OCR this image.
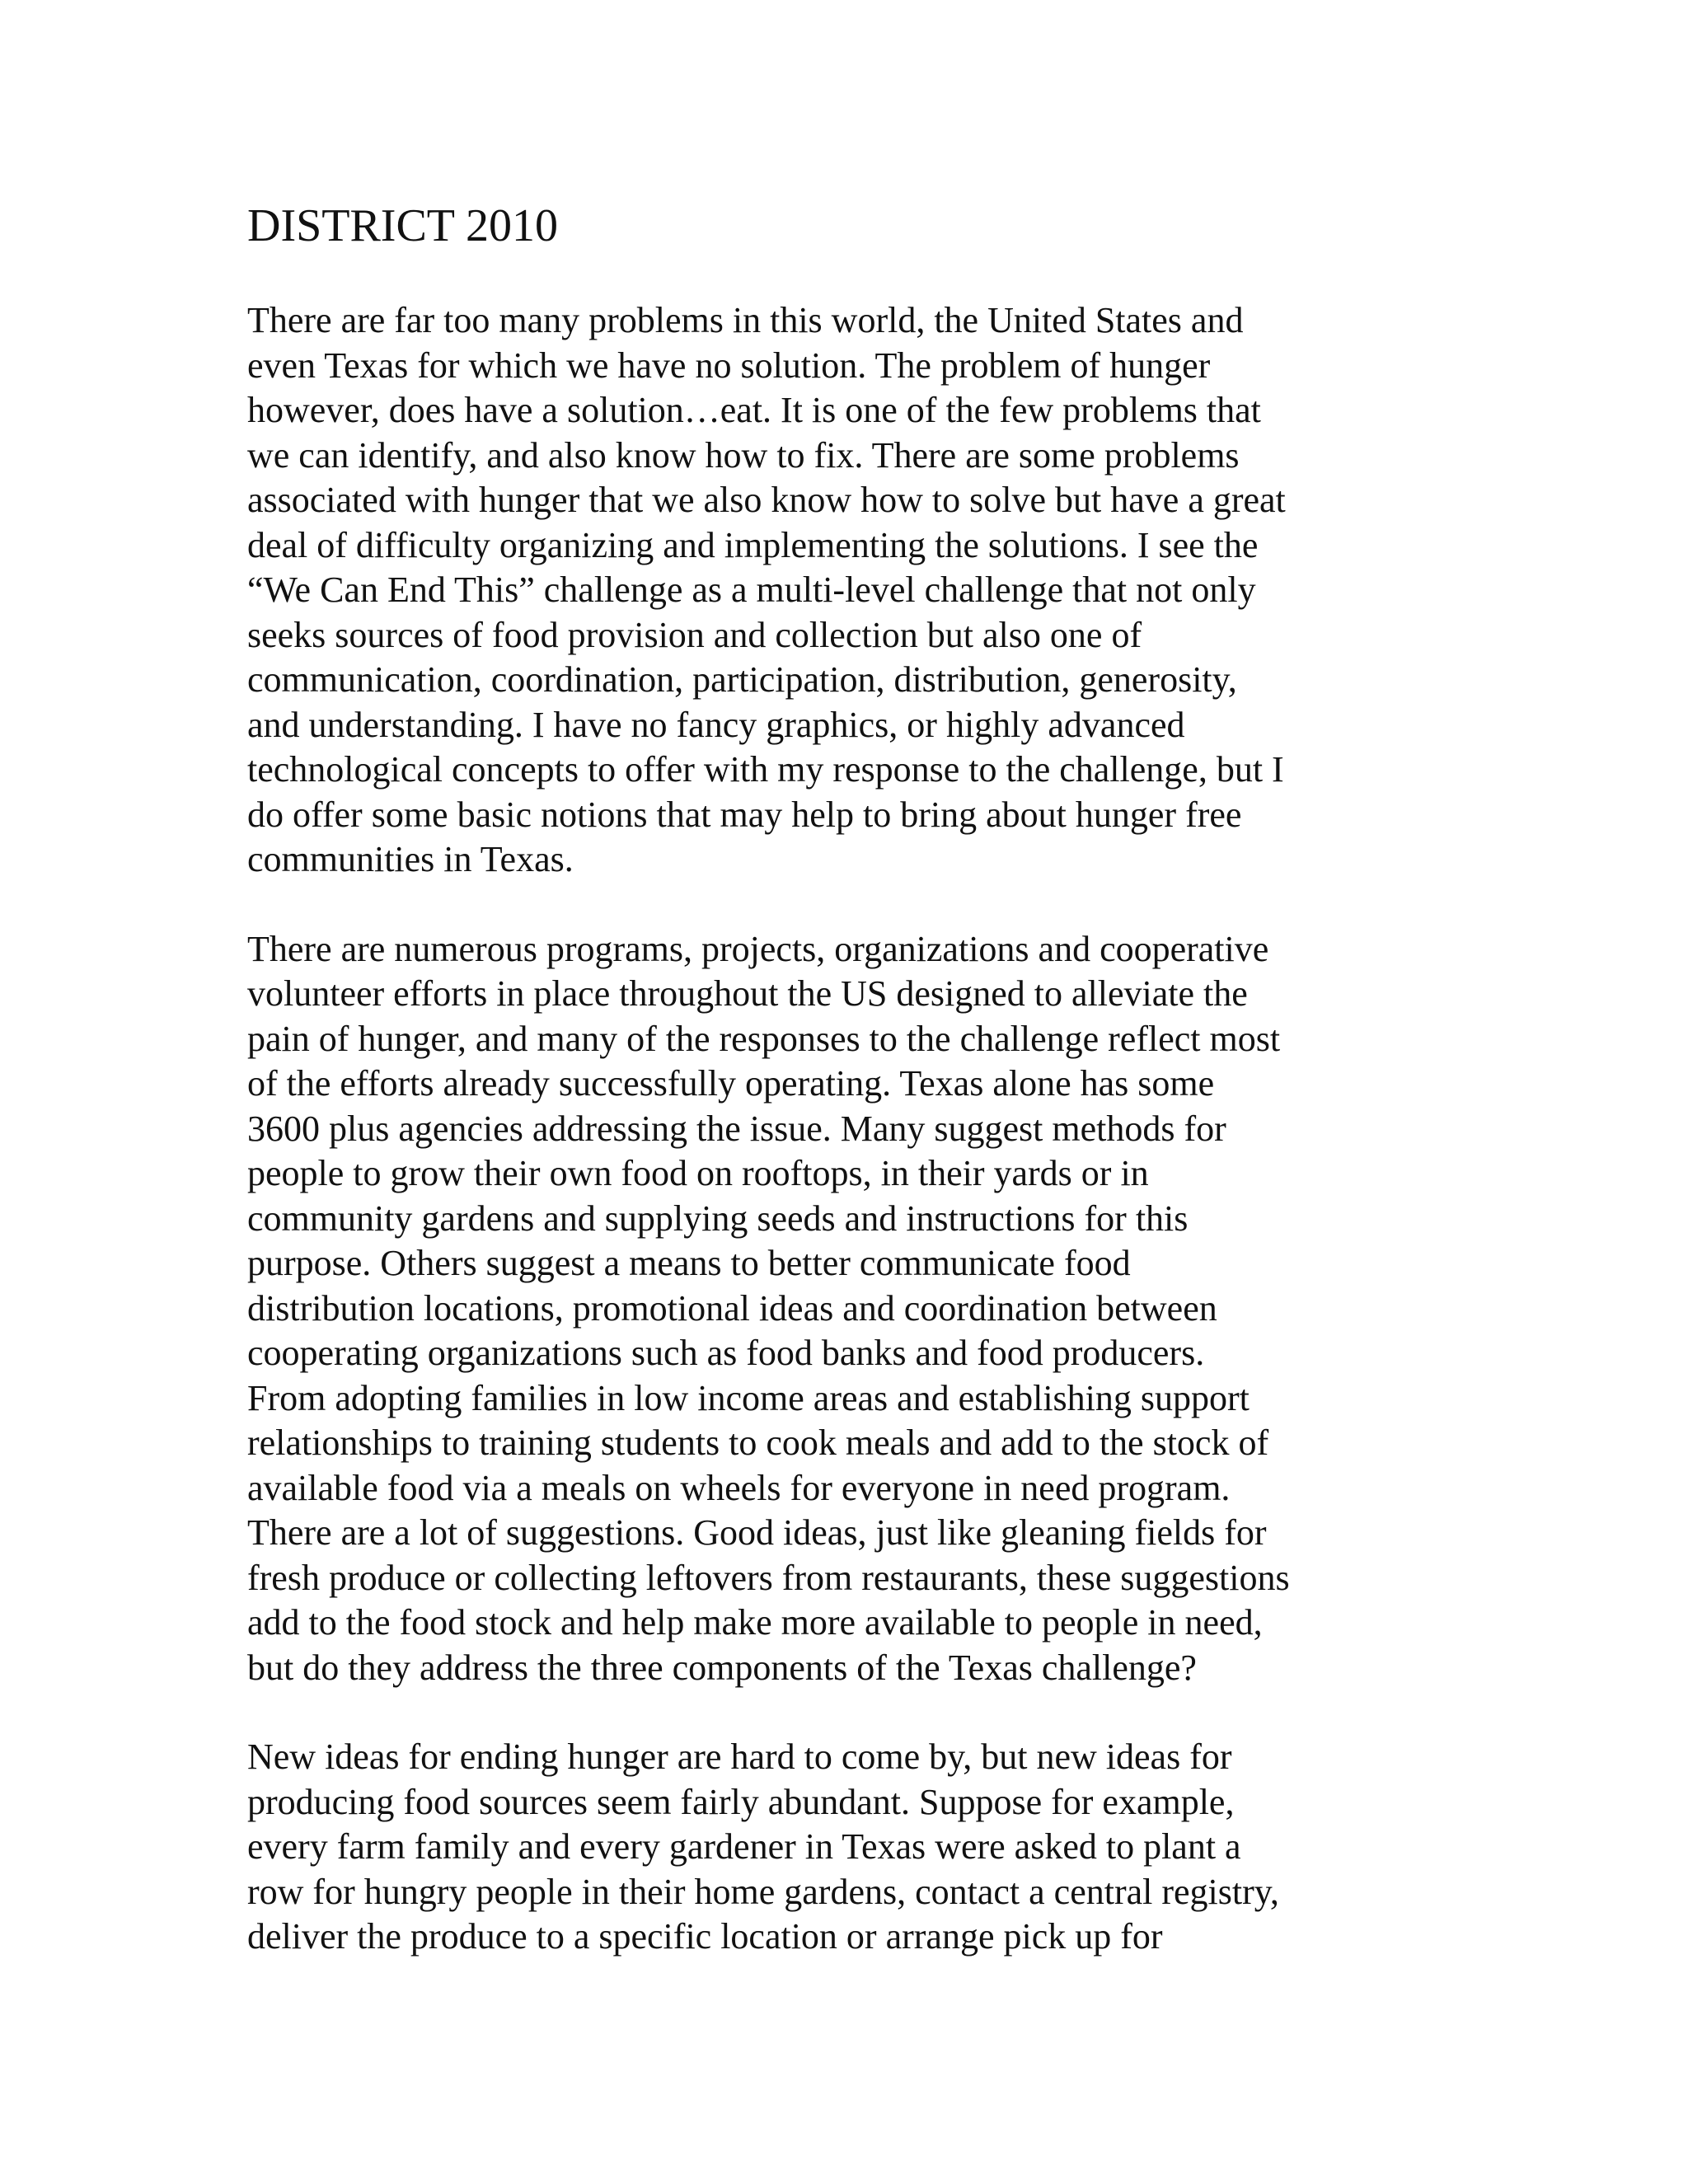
DISTRICT 2010
There are far too many problems in this world, the United States and
even Texas for which we have no solution. The problem of hunger
however, does have a solution…eat. It is one of the few problems that
we can identify, and also know how to fix. There are some problems
associated with hunger that we also know how to solve but have a great
deal of difficulty organizing and implementing the solutions. I see the
“We Can End This” challenge as a multi-level challenge that not only
seeks sources of food provision and collection but also one of
communication, coordination, participation, distribution, generosity,
and understanding. I have no fancy graphics, or highly advanced
technological concepts to offer with my response to the challenge, but I
do offer some basic notions that may help to bring about hunger free
communities in Texas.
There are numerous programs, projects, organizations and cooperative
volunteer efforts in place throughout the US designed to alleviate the
pain of hunger, and many of the responses to the challenge reflect most
of the efforts already successfully operating. Texas alone has some
3600 plus agencies addressing the issue. Many suggest methods for
people to grow their own food on rooftops, in their yards or in
community gardens and supplying seeds and instructions for this
purpose. Others suggest a means to better communicate food
distribution locations, promotional ideas and coordination between
cooperating organizations such as food banks and food producers.
From adopting families in low income areas and establishing support
relationships to training students to cook meals and add to the stock of
available food via a meals on wheels for everyone in need program.
There are a lot of suggestions. Good ideas, just like gleaning fields for
fresh produce or collecting leftovers from restaurants, these suggestions
add to the food stock and help make more available to people in need,
but do they address the three components of the Texas challenge?
New ideas for ending hunger are hard to come by, but new ideas for
producing food sources seem fairly abundant. Suppose for example,
every farm family and every gardener in Texas were asked to plant a
row for hungry people in their home gardens, contact a central registry,
deliver the produce to a specific location or arrange pick up for
